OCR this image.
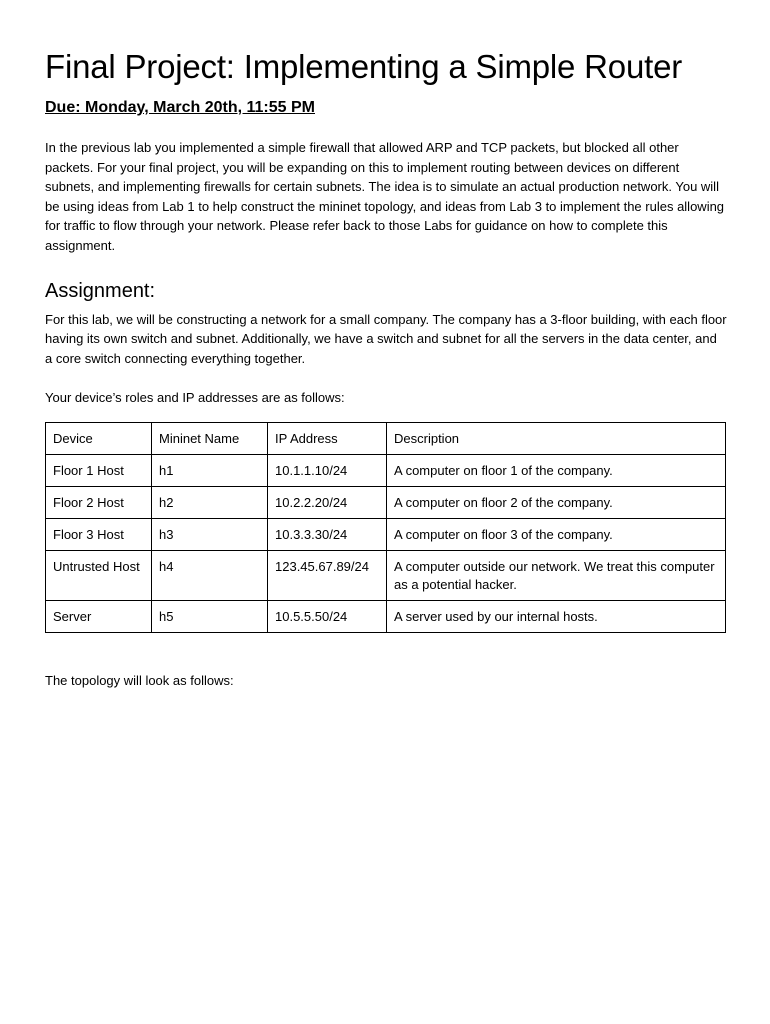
Final Project: Implementing a Simple Router

Due: Monday, March 20th, 11:55 PM

In the previous lab you implemented a simple firewall that allowed ARP and TCP packets, but blocked all other packets. For your final project, you will be expanding on this to implement routing between devices on different subnets, and implementing firewalls for certain subnets. The idea is to simulate an actual production network. You will be using ideas from Lab 1 to help construct the mininet topology, and ideas from Lab 3 to implement the rules allowing for traffic to flow through your network. Please refer back to those Labs for guidance on how to complete this assignment.

Assignment:

For this lab, we will be constructing a network for a small company. The company has a 3-floor building, with each floor having its own switch and subnet. Additionally, we have a switch and subnet for all the servers in the data center, and a core switch connecting everything together.

Your device’s roles and IP addresses are as follows:

Device	Mininet Name	IP Address	Description
Floor 1 Host	h1	10.1.1.10/24	A computer on floor 1 of the company.
Floor 2 Host	h2	10.2.2.20/24	A computer on floor 2 of the company.
Floor 3 Host	h3	10.3.3.30/24	A computer on floor 3 of the company.
Untrusted Host	h4	123.45.67.89/24	A computer outside our network. We treat this computer as a potential hacker.
Server	h5	10.5.5.50/24	A server used by our internal hosts.

The topology will look as follows:
